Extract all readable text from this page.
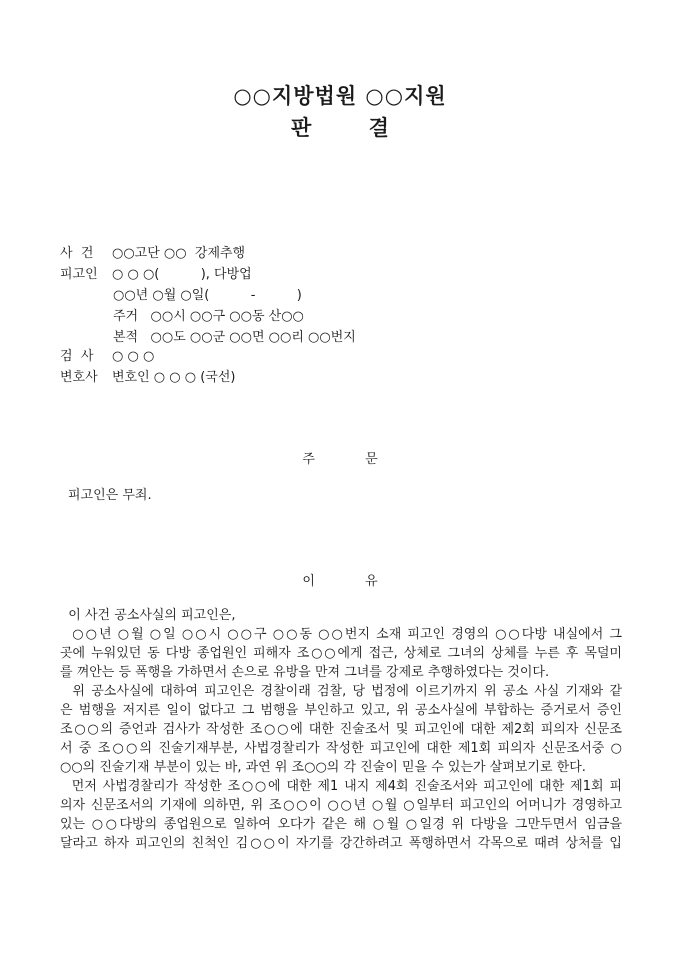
○○지방법원 ○○지원
판 결
사  건 ○○고단 ○○  강제추행
피고인 ○ ○ ○(          ), 다방업
○○년 ○월 ○일(          -          )
주거   ○○시 ○○구 ○○동 산○○
본적   ○○도 ○○군 ○○면 ○○리 ○○번지
검  사 ○ ○ ○
변호사 변호인 ○ ○ ○ (국선)
주 문
피고인은 무죄.
이 유
이 사건 공소사실의 피고인은,
○○년 ○월 ○일 ○○시 ○○구 ○○동 ○○번지 소재 피고인 경영의 ○○다방 내실에서 그
곳에 누워있던 동 다방 종업원인 피해자 조○○에게 접근, 상체로 그녀의 상체를 누른 후 목덜미
를 껴안는 등 폭행을 가하면서 손으로 유방을 만져 그녀를 강제로 추행하였다는 것이다.
위 공소사실에 대하여 피고인은 경찰이래 검찰, 당 법정에 이르기까지 위 공소 사실 기재와 같
은 범행을 저지른 일이 없다고 그 범행을 부인하고 있고, 위 공소사실에 부합하는 증거로서 증인
조○○의 증언과 검사가 작성한 조○○에 대한 진술조서 및 피고인에 대한 제2회 피의자 신문조
서 중 조○○의 진술기재부분, 사법경찰리가 작성한 피고인에 대한 제1회 피의자 신문조서중 ○
○○의 진술기재 부분이 있는 바, 과연 위 조○○의 각 진술이 믿을 수 있는가 살펴보기로 한다.
먼저 사법경찰리가 작성한 조○○에 대한 제1 내지 제4회 진술조서와 피고인에 대한 제1회 피
의자 신문조서의 기재에 의하면, 위 조○○이 ○○년 ○월 ○일부터 피고인의 어머니가 경영하고
있는 ○○다방의 종업원으로 일하여 오다가 같은 해 ○월 ○일경 위 다방을 그만두면서 임금을
달라고 하자 피고인의 친척인 김○○이 자기를 강간하려고 폭행하면서 각목으로 때려 상처를 입
